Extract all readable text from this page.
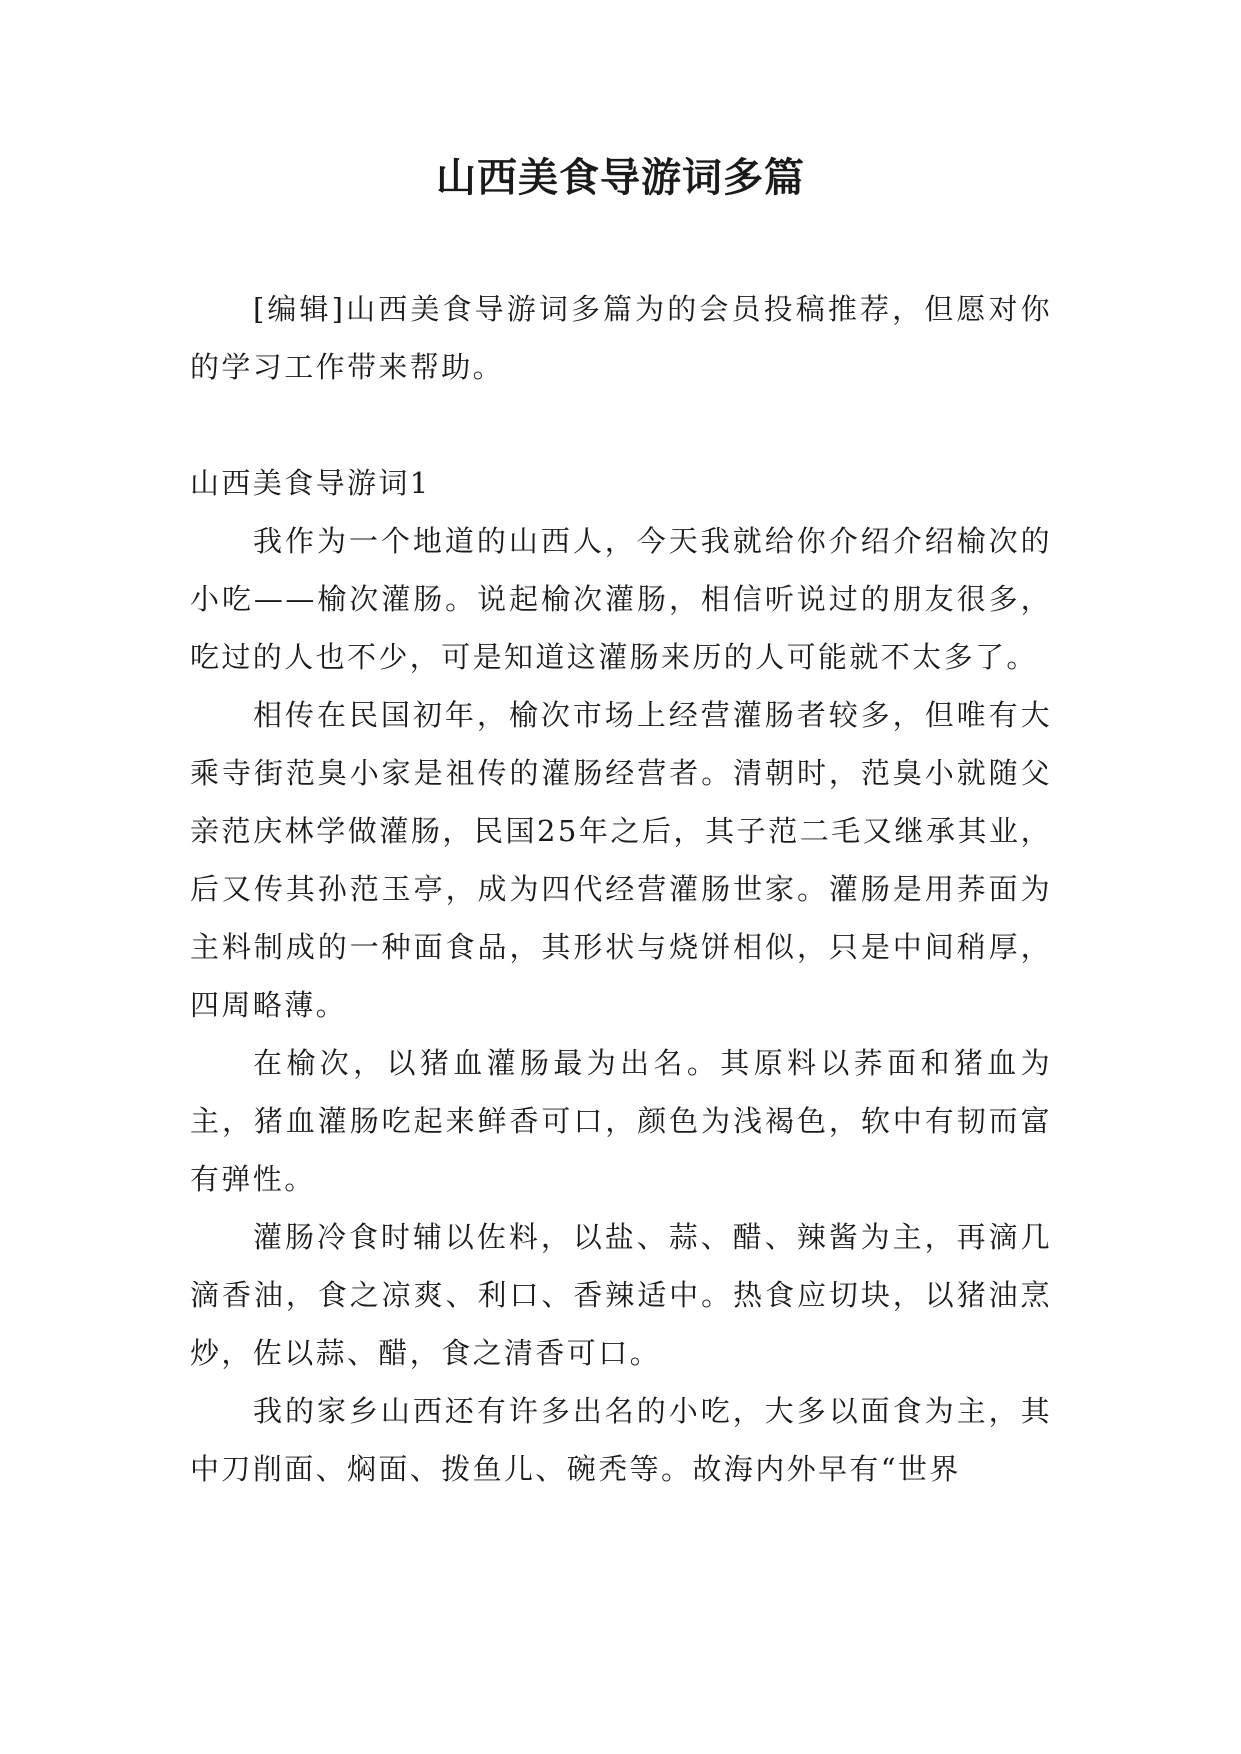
山西美食导游词多篇

[编辑]山西美食导游词多篇为的会员投稿推荐，但愿对你的学习工作带来帮助。

山西美食导游词1

我作为一个地道的山西人，今天我就给你介绍介绍榆次的小吃——榆次灌肠。说起榆次灌肠，相信听说过的朋友很多，吃过的人也不少，可是知道这灌肠来历的人可能就不太多了。

相传在民国初年，榆次市场上经营灌肠者较多，但唯有大乘寺街范臭小家是祖传的灌肠经营者。清朝时，范臭小就随父亲范庆林学做灌肠，民国25年之后，其子范二毛又继承其业，后又传其孙范玉亭，成为四代经营灌肠世家。灌肠是用荞面为主料制成的一种面食品，其形状与烧饼相似，只是中间稍厚，四周略薄。

在榆次，以猪血灌肠最为出名。其原料以荞面和猪血为主，猪血灌肠吃起来鲜香可口，颜色为浅褐色，软中有韧而富有弹性。

灌肠冷食时辅以佐料，以盐、蒜、醋、辣酱为主，再滴几滴香油，食之凉爽、利口、香辣适中。热食应切块，以猪油烹炒，佐以蒜、醋，食之清香可口。

我的家乡山西还有许多出名的小吃，大多以面食为主，其中刀削面、焖面、拨鱼儿、碗秃等。故海内外早有“世界
